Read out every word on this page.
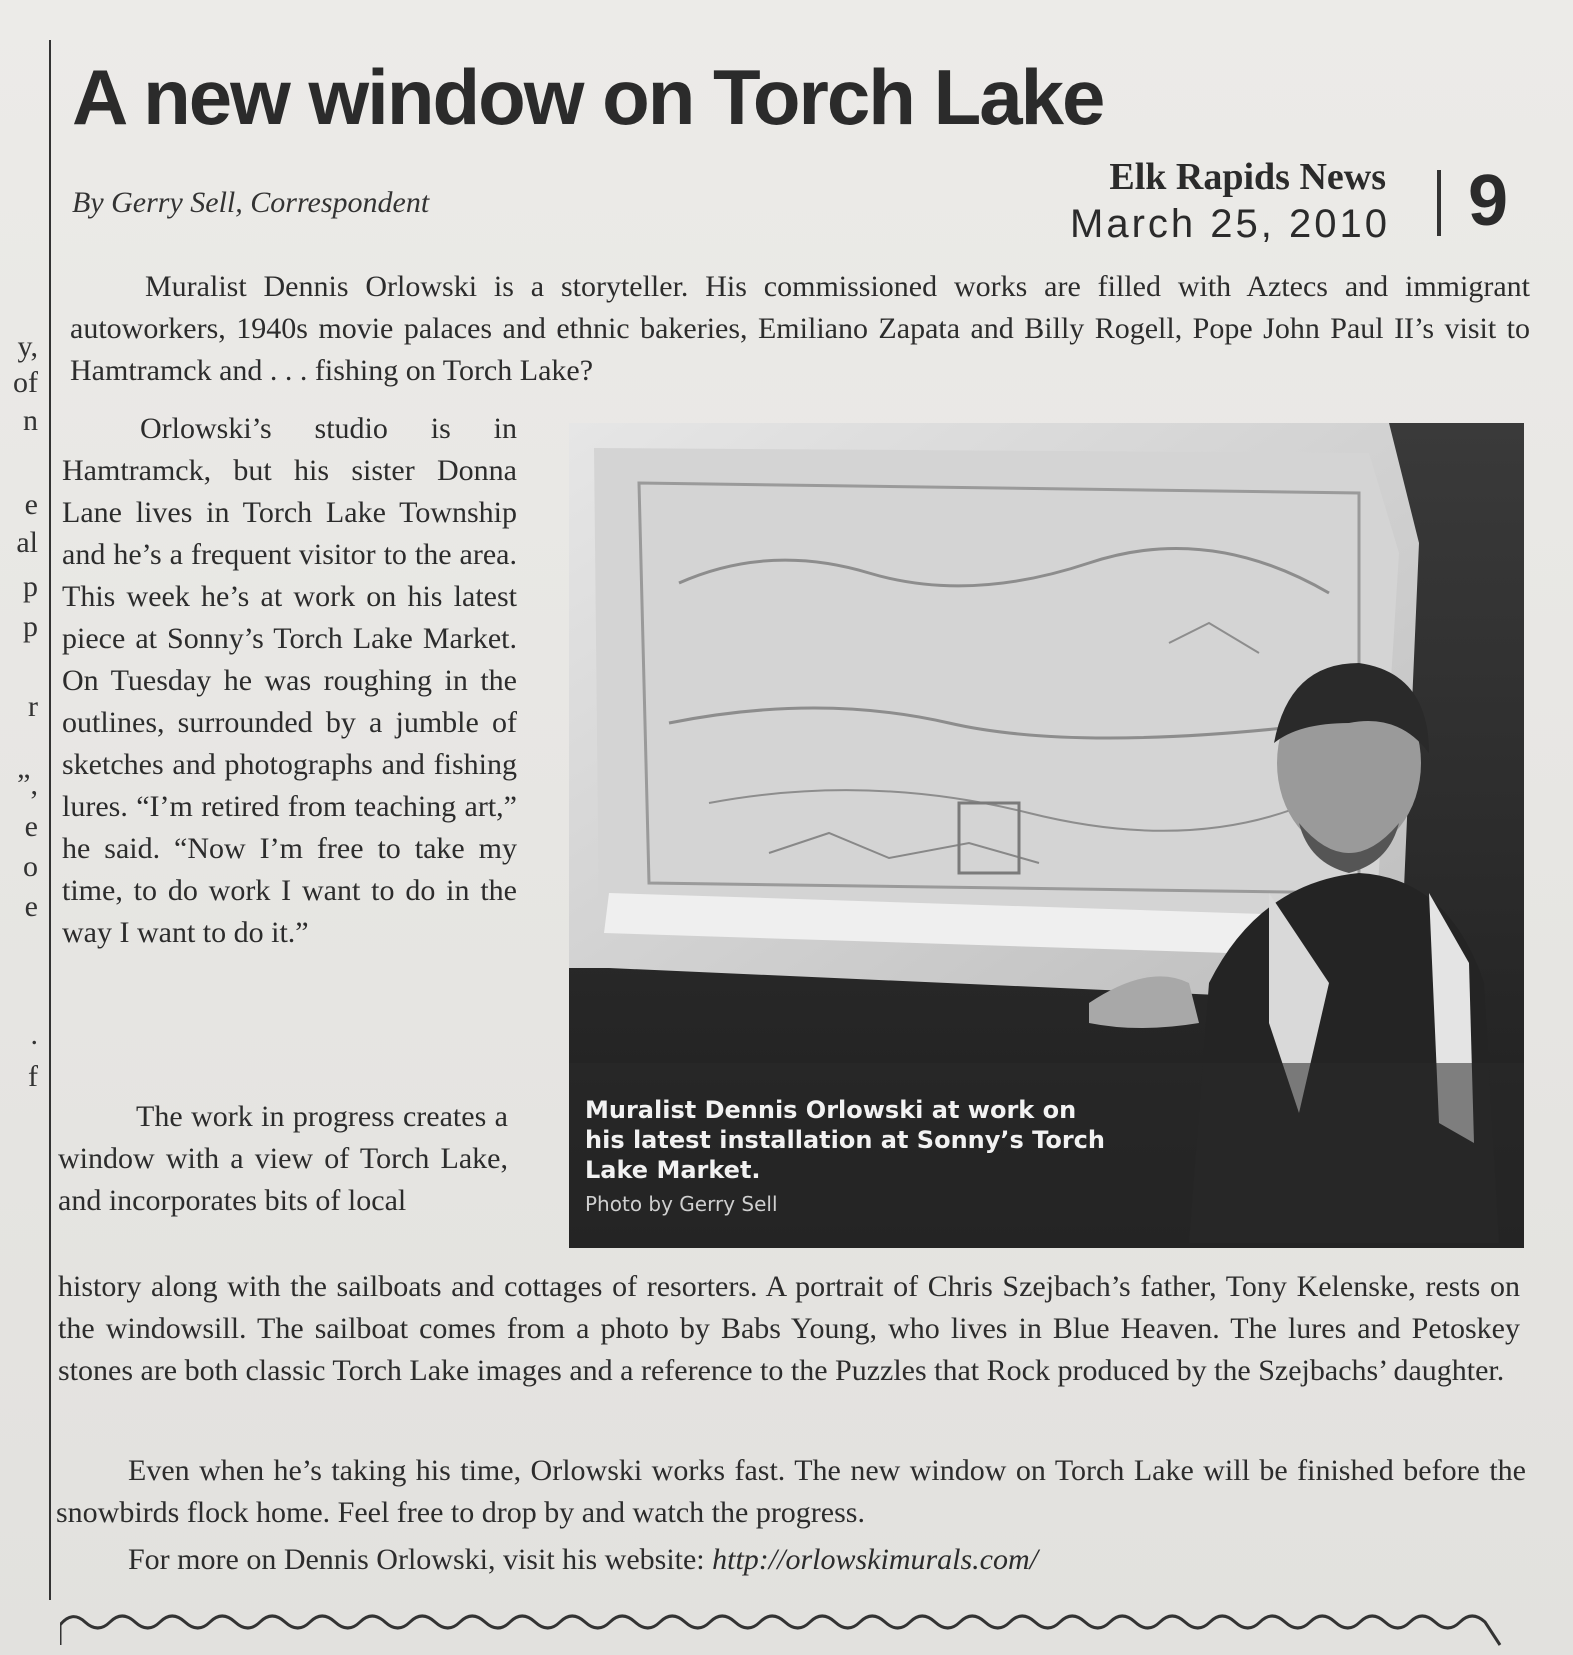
y,
of
n
e
al
p
p
r
”,
e
o
e
.
f
A new window on Torch Lake
By Gerry Sell, Correspondent
Elk Rapids News
March 25, 2010 9

Muralist Dennis Orlowski is a storyteller. His commissioned works are filled with Aztecs and immigrant autoworkers, 1940s movie palaces and ethnic bakeries, Emiliano Zapata and Billy Rogell, Pope John Paul II’s visit to Hamtramck and . . . fishing on Torch Lake?

Orlowski’s studio is in Hamtramck, but his sister Donna Lane lives in Torch Lake Township and he’s a frequent visitor to the area. This week he’s at work on his latest piece at Sonny’s Torch Lake Market. On Tuesday he was roughing in the outlines, surrounded by a jumble of sketches and photographs and fishing lures. “I’m retired from teaching art,” he said. “Now I’m free to take my time, to do work I want to do in the way I want to do it.”

The work in progress creates a window with a view of Torch Lake, and incorporates bits of local

Muralist Dennis Orlowski at work on his latest installation at Sonny’s Torch Lake Market.
Photo by Gerry Sell

history along with the sailboats and cottages of resorters. A portrait of Chris Szejbach’s father, Tony Kelenske, rests on the windowsill. The sailboat comes from a photo by Babs Young, who lives in Blue Heaven. The lures and Petoskey stones are both classic Torch Lake images and a reference to the Puzzles that Rock produced by the Szejbachs’ daughter.

Even when he’s taking his time, Orlowski works fast. The new window on Torch Lake will be finished before the snowbirds flock home. Feel free to drop by and watch the progress.

For more on Dennis Orlowski, visit his website: http://orlowskimurals.com/
